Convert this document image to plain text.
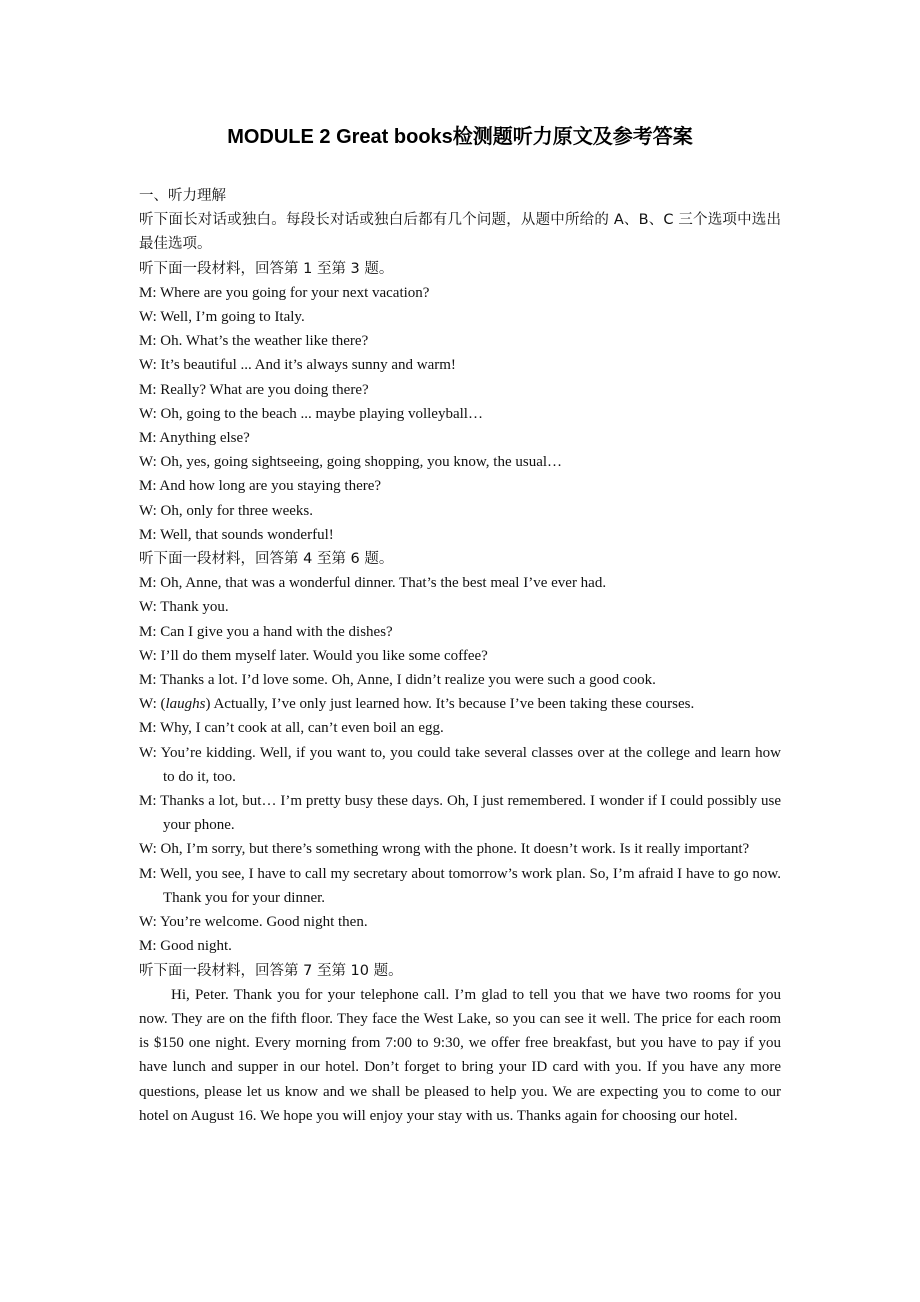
MODULE 2 Great books检测题听力原文及参考答案
一、听力理解
听下面长对话或独白。每段长对话或独白后都有几个问题，从题中所给的 A、B、C 三个选项中选出最佳选项。
听下面一段材料，回答第 1 至第 3 题。
M: Where are you going for your next vacation?
W: Well, I’m going to Italy.
M: Oh. What’s the weather like there?
W: It’s beautiful ... And it’s always sunny and warm!
M: Really? What are you doing there?
W: Oh, going to the beach ... maybe playing volleyball…
M: Anything else?
W: Oh, yes, going sightseeing, going shopping, you know, the usual…
M: And how long are you staying there?
W: Oh, only for three weeks.
M: Well, that sounds wonderful!
听下面一段材料，回答第 4 至第 6 题。
M: Oh, Anne, that was a wonderful dinner. That’s the best meal I’ve ever had.
W: Thank you.
M: Can I give you a hand with the dishes?
W: I’ll do them myself later. Would you like some coffee?
M: Thanks a lot. I’d love some. Oh, Anne, I didn’t realize you were such a good cook.
W: (laughs) Actually, I’ve only just learned how. It’s because I’ve been taking these courses.
M: Why, I can’t cook at all, can’t even boil an egg.
W: You’re kidding. Well, if you want to, you could take several classes over at the college and learn how to do it, too.
M: Thanks a lot, but… I’m pretty busy these days. Oh, I just remembered. I wonder if I could possibly use your phone.
W: Oh, I’m sorry, but there’s something wrong with the phone. It doesn’t work. Is it really important?
M: Well, you see, I have to call my secretary about tomorrow’s work plan. So, I’m afraid I have to go now. Thank you for your dinner.
W: You’re welcome. Good night then.
M: Good night.
听下面一段材料，回答第 7 至第 10 题。
Hi, Peter. Thank you for your telephone call. I’m glad to tell you that we have two rooms for you now. They are on the fifth floor. They face the West Lake, so you can see it well. The price for each room is $150 one night. Every morning from 7:00 to 9:30, we offer free breakfast, but you have to pay if you have lunch and supper in our hotel. Don’t forget to bring your ID card with you. If you have any more questions, please let us know and we shall be pleased to help you. We are expecting you to come to our hotel on August 16. We hope you will enjoy your stay with us. Thanks again for choosing our hotel.
